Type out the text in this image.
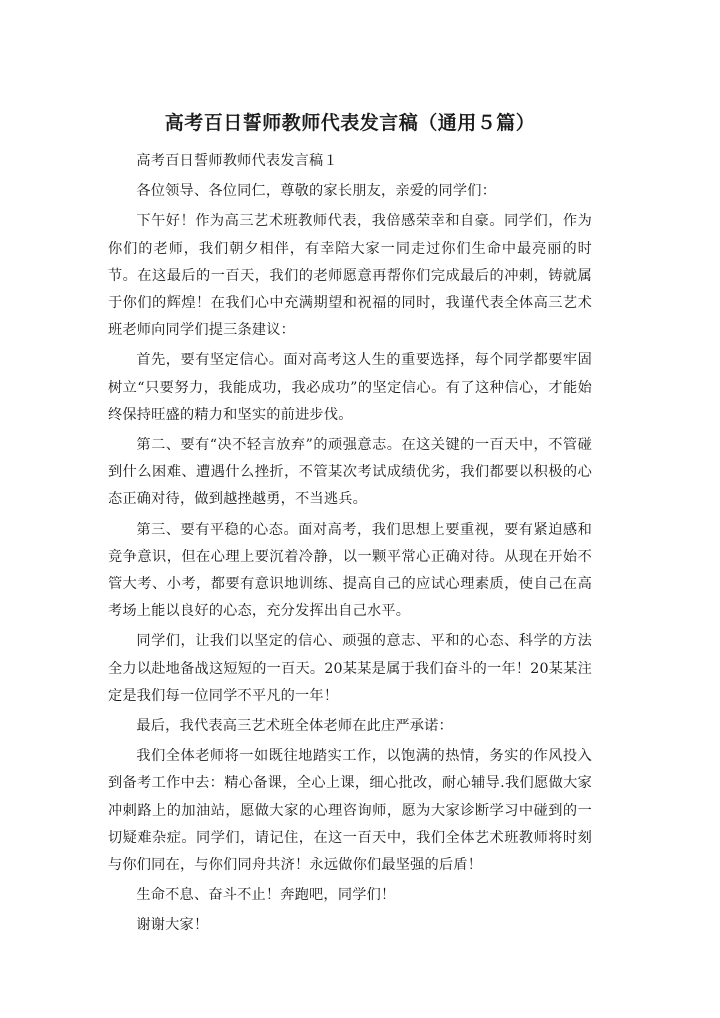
高考百日誓师教师代表发言稿（通用５篇）

高考百日誓师教师代表发言稿１

各位领导、各位同仁，尊敬的家长朋友，亲爱的同学们：

下午好！作为高三艺术班教师代表，我倍感荣幸和自豪。同学们，作为你们的老师，我们朝夕相伴，有幸陪大家一同走过你们生命中最亮丽的时节。在这最后的一百天，我们的老师愿意再帮你们完成最后的冲刺，铸就属于你们的辉煌！在我们心中充满期望和祝福的同时，我谨代表全体高三艺术班老师向同学们提三条建议：

首先，要有坚定信心。面对高考这人生的重要选择，每个同学都要牢固树立“只要努力，我能成功，我必成功”的坚定信心。有了这种信心，才能始终保持旺盛的精力和坚实的前进步伐。

第二、要有“决不轻言放弃”的顽强意志。在这关键的一百天中，不管碰到什么困难、遭遇什么挫折，不管某次考试成绩优劣，我们都要以积极的心态正确对待，做到越挫越勇，不当逃兵。

第三、要有平稳的心态。面对高考，我们思想上要重视，要有紧迫感和竞争意识，但在心理上要沉着冷静，以一颗平常心正确对待。从现在开始不管大考、小考，都要有意识地训练、提高自己的应试心理素质，使自己在高考场上能以良好的心态，充分发挥出自己水平。

同学们，让我们以坚定的信心、顽强的意志、平和的心态、科学的方法全力以赴地备战这短短的一百天。20某某是属于我们奋斗的一年！20某某注定是我们每一位同学不平凡的一年！

最后，我代表高三艺术班全体老师在此庄严承诺：

我们全体老师将一如既往地踏实工作，以饱满的热情，务实的作风投入到备考工作中去：精心备课，全心上课，细心批改，耐心辅导.我们愿做大家冲刺路上的加油站，愿做大家的心理咨询师，愿为大家诊断学习中碰到的一切疑难杂症。同学们，请记住，在这一百天中，我们全体艺术班教师将时刻与你们同在，与你们同舟共济！永远做你们最坚强的后盾！

生命不息、奋斗不止！奔跑吧，同学们！

谢谢大家！
